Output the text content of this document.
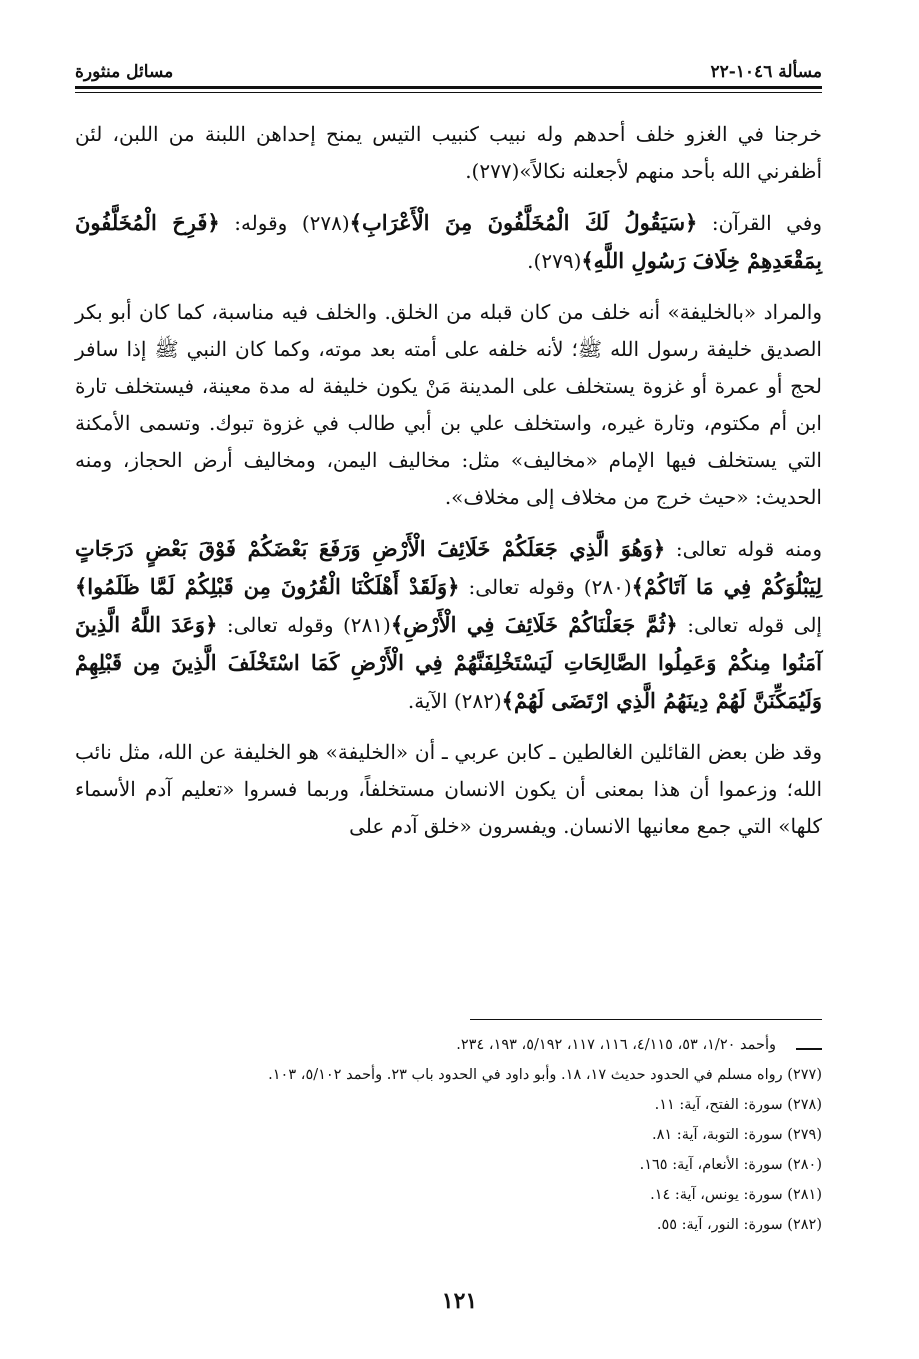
مسألة ١٠٤٦-٢٢
مسائل منثورة

خرجنا في الغزو خلف أحدهم وله نبيب كنبيب التيس يمنح إحداهن اللبنة من اللبن، لئن أظفرني الله بأحد منهم لأجعلنه نكالاً»(٢٧٧).

وفي القرآن: ﴿سَيَقُولُ لَكَ الْمُخَلَّفُونَ مِنَ الْأَعْرَابِ﴾(٢٧٨) وقوله: ﴿فَرِحَ الْمُخَلَّفُونَ بِمَقْعَدِهِمْ خِلَافَ رَسُولِ اللَّهِ﴾(٢٧٩).

والمراد «بالخليفة» أنه خلف من كان قبله من الخلق. والخلف فيه مناسبة، كما كان أبو بكر الصديق خليفة رسول الله ﷺ؛ لأنه خلفه على أمته بعد موته، وكما كان النبي ﷺ إذا سافر لحج أو عمرة أو غزوة يستخلف على المدينة مَنْ يكون خليفة له مدة معينة، فيستخلف تارة ابن أم مكتوم، وتارة غيره، واستخلف علي بن أبي طالب في غزوة تبوك. وتسمى الأمكنة التي يستخلف فيها الإمام «مخاليف» مثل: مخاليف اليمن، ومخاليف أرض الحجاز، ومنه الحديث: «حيث خرج من مخلاف إلى مخلاف».

ومنه قوله تعالى: ﴿وَهُوَ الَّذِي جَعَلَكُمْ خَلَائِفَ الْأَرْضِ وَرَفَعَ بَعْضَكُمْ فَوْقَ بَعْضٍ دَرَجَاتٍ لِيَبْلُوَكُمْ فِي مَا آتَاكُمْ﴾(٢٨٠) وقوله تعالى: ﴿وَلَقَدْ أَهْلَكْنَا الْقُرُونَ مِن قَبْلِكُمْ لَمَّا ظَلَمُوا﴾ إلى قوله تعالى: ﴿ثُمَّ جَعَلْنَاكُمْ خَلَائِفَ فِي الْأَرْضِ﴾(٢٨١) وقوله تعالى: ﴿وَعَدَ اللَّهُ الَّذِينَ آمَنُوا مِنكُمْ وَعَمِلُوا الصَّالِحَاتِ لَيَسْتَخْلِفَنَّهُمْ فِي الْأَرْضِ كَمَا اسْتَخْلَفَ الَّذِينَ مِن قَبْلِهِمْ وَلَيُمَكِّنَنَّ لَهُمْ دِينَهُمُ الَّذِي ارْتَضَى لَهُمْ﴾(٢٨٢) الآية.

وقد ظن بعض القائلين الغالطين ـ كابن عربي ـ أن «الخليفة» هو الخليفة عن الله، مثل نائب الله؛ وزعموا أن هذا بمعنى أن يكون الانسان مستخلفاً، وربما فسروا «تعليم آدم الأسماء كلها» التي جمع معانيها الانسان. ويفسرون «خلق آدم على

وأحمد ١/٢٠، ٥٣، ٤/١١٥، ١١٦، ١١٧، ٥/١٩٢، ١٩٣، ٢٣٤.

(٢٧٧) رواه مسلم في الحدود حديث ١٧، ١٨. وأبو داود في الحدود باب ٢٣. وأحمد ٥/١٠٢، ١٠٣.

(٢٧٨) سورة: الفتح، آية: ١١.

(٢٧٩) سورة: التوبة، آية: ٨١.

(٢٨٠) سورة: الأنعام، آية: ١٦٥.

(٢٨١) سورة: يونس، آية: ١٤.

(٢٨٢) سورة: النور، آية: ٥٥.

١٢١
